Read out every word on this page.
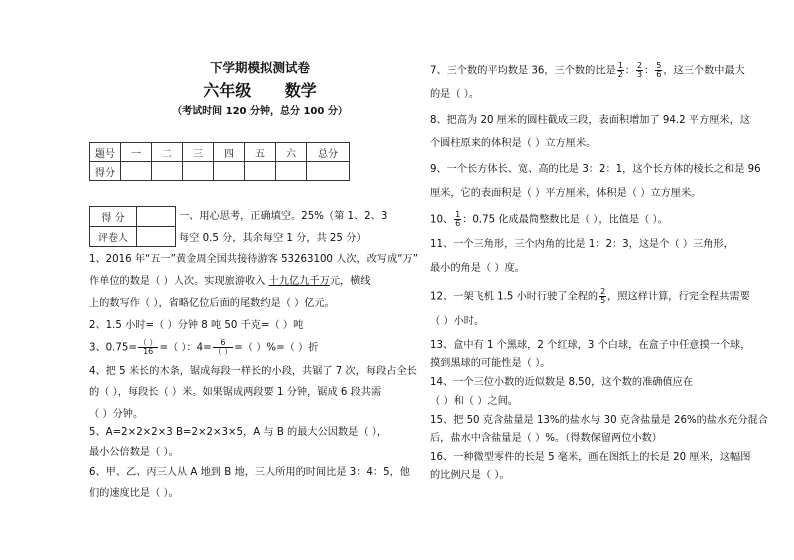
下学期模拟测试卷
六年级 数学
（考试时间 120 分钟，总分 100 分）
题号	一	二	三	四	五	六	总分
得分							
得 分	
评卷人	
一、用心思考，正确填空。25%（第 1、2、3
每空 0.5 分，其余每空 1 分，共 25 分）
1、2016 年“五一”黄金周全国共接待游客 53263100 人次，改写成“万”
作单位的数是（ ）人次。实现旅游收入 十九亿九千万元，横线
上的数写作（ ），省略亿位后面的尾数约是（ ）亿元。
2、1.5 小时=（ ）分钟 8 吨 50 千克=（ ）吨
3、$0.75= \frac{( )}{16}$ =（ ）：$4= \frac{6}{( )}$ =（ ）%=（ ）折
4、把 5 米长的木条，锯成每段一样长的小段，共锯了 7 次，每段占全长
的（ ），每段长（ ）米。如果锯成两段要 1 分钟，锯成 6 段共需
（ ）分钟。
5、A=2×2×2×3 B=2×2×3×5，A 与 B 的最大公因数是（ ），
最小公倍数是（ ）。
6、甲、乙、丙三人从 A 地到 B 地，三人所用的时间比是 3：4：5，他
们的速度比是（ ）。
7、三个数的平均数是 36，三个数的比是 $\frac{1}{2}$ ： $\frac{2}{3}$ ： $\frac{5}{6}$ ，这三个数中最大
的是（ ）。
8、把高为 20 厘米的圆柱截成三段，表面积增加了 94.2 平方厘米，这
个圆柱原来的体积是（ ）立方厘米。
9、一个长方体长、宽、高的比是 3：2：1，这个长方体的棱长之和是 96
厘米，它的表面积是（ ）平方厘米，体积是（ ）立方厘米。
10、 $\frac{1}{6}$ ：0.75 化成最简整数比是（ ），比值是（ ）。
11、一个三角形，三个内角的比是 1：2：3，这是个（ ）三角形，
最小的角是（ ）度。
12、一架飞机 1.5 小时行驶了全程的 $\frac{2}{5}$ ，照这样计算，行完全程共需要
（ ）小时。
13、盒中有 1 个黑球，2 个红球，3 个白球，在盒子中任意摸一个球，
摸到黑球的可能性是（ ）。
14、一个三位小数的近似数是 8.50，这个数的准确值应在
（ ）和（ ）之间。
15、把 50 克含盐量是 13%的盐水与 30 克含盐量是 26%的盐水充分混合
后，盐水中含盐量是（ ）%。（得数保留两位小数）
16、一种微型零件的长是 5 毫米，画在图纸上的长是 20 厘米，这幅图
的比例尺是（ ）。
